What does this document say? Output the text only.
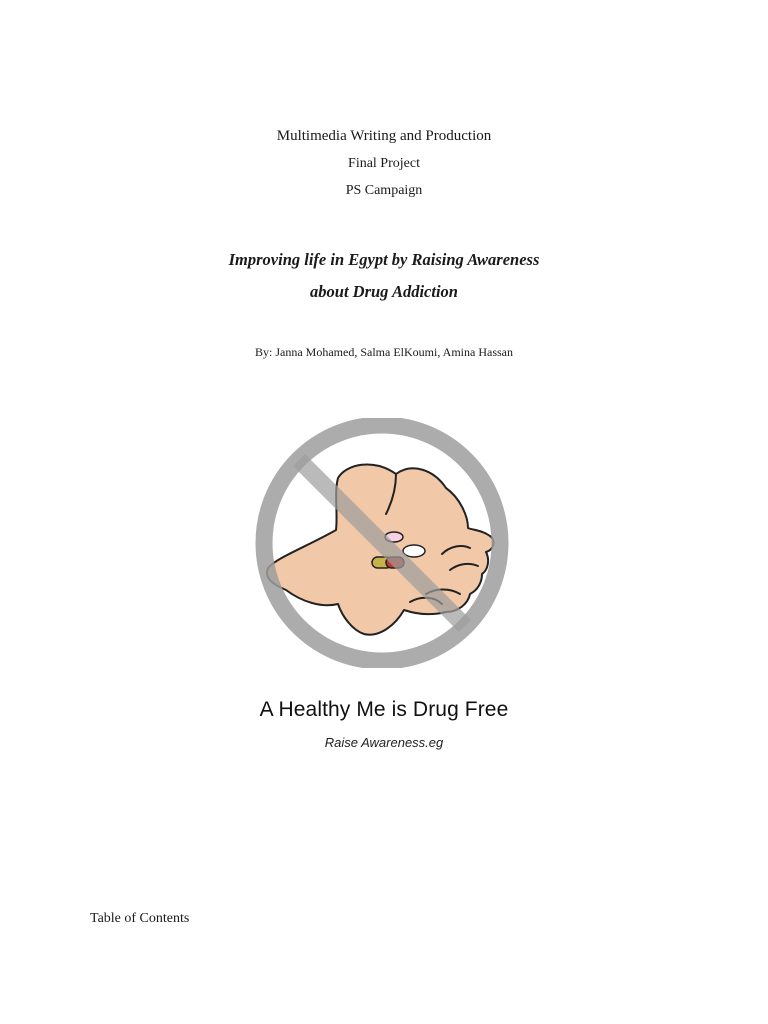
Multimedia Writing and Production
Final Project
PS Campaign
Improving life in Egypt by Raising Awareness
about Drug Addiction
By: Janna Mohamed, Salma ElKoumi, Amina Hassan
A Healthy Me is Drug Free
Raise Awareness.eg
Table of Contents
